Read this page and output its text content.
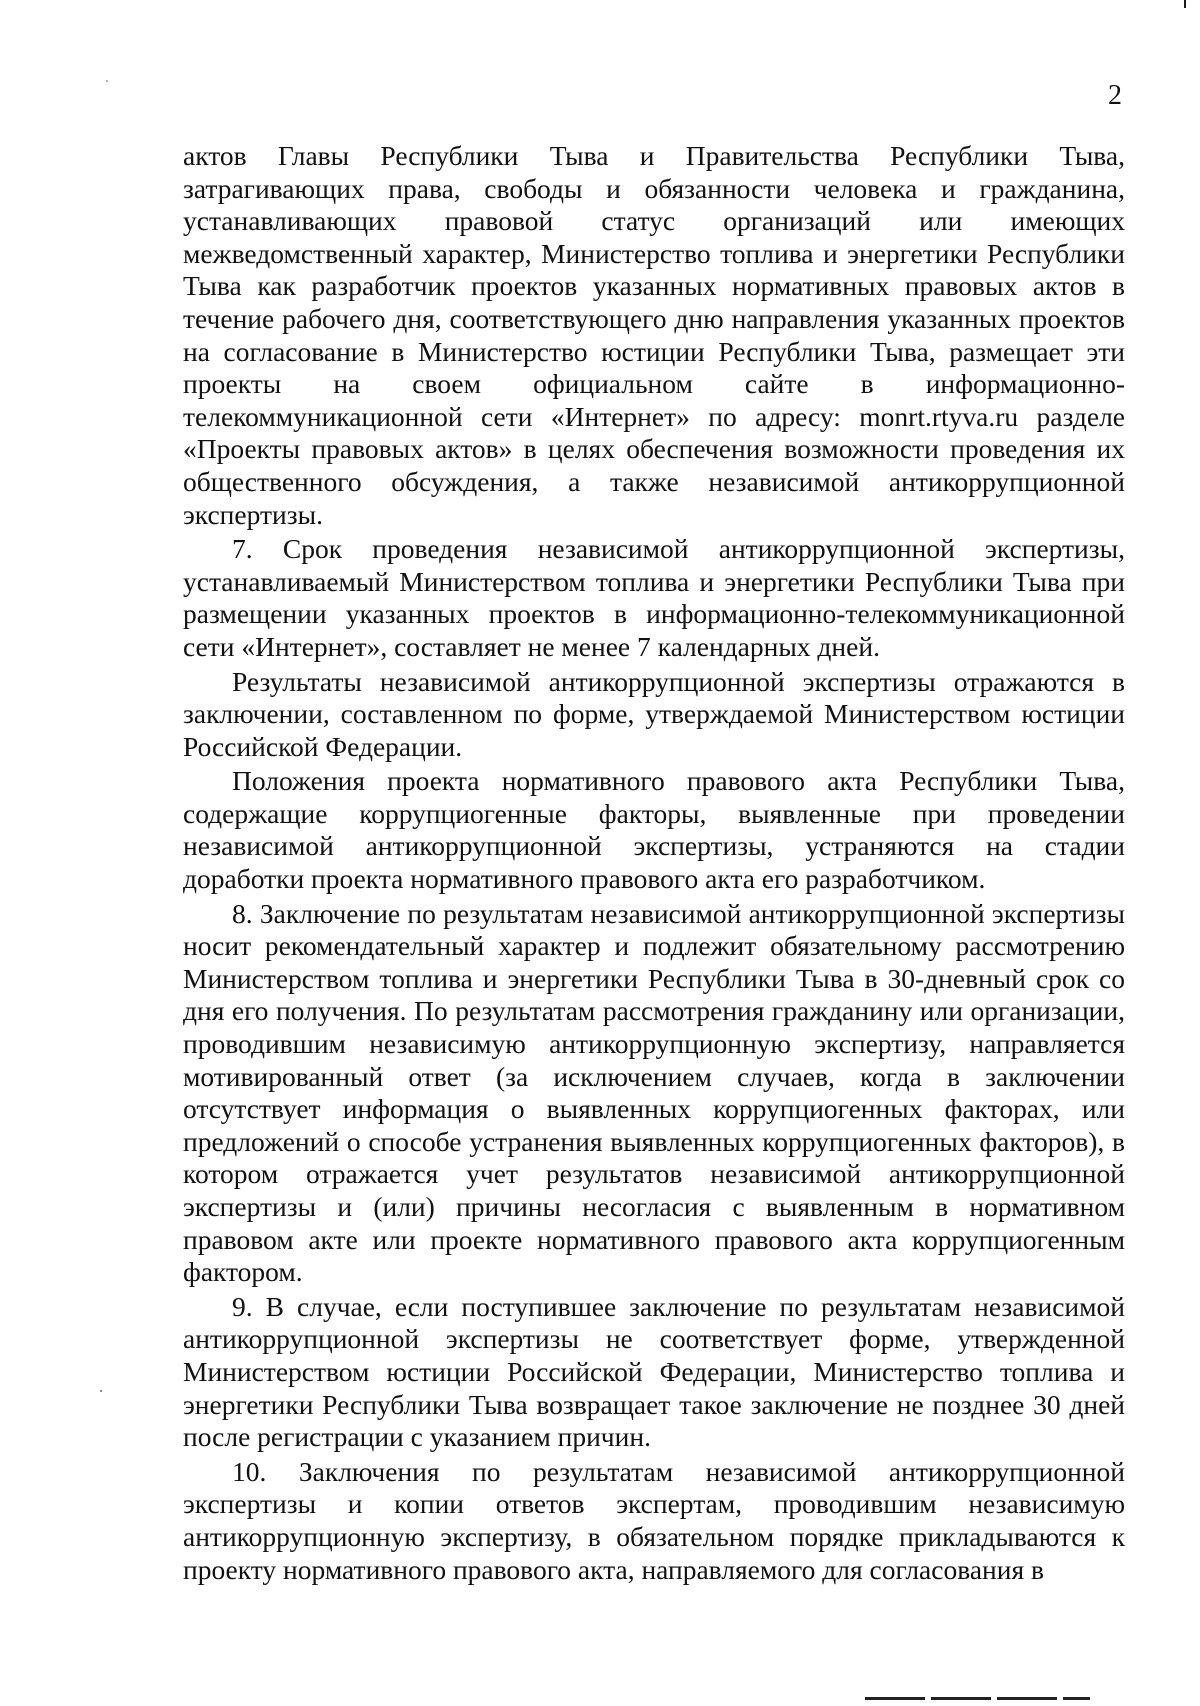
2

актов Главы Республики Тыва и Правительства Республики Тыва, затрагивающих права, свободы и обязанности человека и гражданина, устанавливающих правовой статус организаций или имеющих межведомственный характер, Министерство топлива и энергетики Республики Тыва как разработчик проектов указанных нормативных правовых актов в течение рабочего дня, соответствующего дню направления указанных проектов на согласование в Министерство юстиции Республики Тыва, размещает эти проекты на своем официальном сайте в информационно-телекоммуникационной сети «Интернет» по адресу: monrt.rtyva.ru разделе «Проекты правовых актов» в целях обеспечения возможности проведения их общественного обсуждения, а также независимой антикоррупционной экспертизы.

7. Срок проведения независимой антикоррупционной экспертизы, устанавливаемый Министерством топлива и энергетики Республики Тыва при размещении указанных проектов в информационно-телекоммуникационной сети «Интернет», составляет не менее 7 календарных дней.

Результаты независимой антикоррупционной экспертизы отражаются в заключении, составленном по форме, утверждаемой Министерством юстиции Российской Федерации.

Положения проекта нормативного правового акта Республики Тыва, содержащие коррупциогенные факторы, выявленные при проведении независимой антикоррупционной экспертизы, устраняются на стадии доработки проекта нормативного правового акта его разработчиком.

8. Заключение по результатам независимой антикоррупционной экспертизы носит рекомендательный характер и подлежит обязательному рассмотрению Министерством топлива и энергетики Республики Тыва в 30-дневный срок со дня его получения. По результатам рассмотрения гражданину или организации, проводившим независимую антикоррупционную экспертизу, направляется мотивированный ответ (за исключением случаев, когда в заключении отсутствует информация о выявленных коррупциогенных факторах, или предложений о способе устранения выявленных коррупциогенных факторов), в котором отражается учет результатов независимой антикоррупционной экспертизы и (или) причины несогласия с выявленным в нормативном правовом акте или проекте нормативного правового акта коррупциогенным фактором.

9. В случае, если поступившее заключение по результатам независимой антикоррупционной экспертизы не соответствует форме, утвержденной Министерством юстиции Российской Федерации, Министерство топлива и энергетики Республики Тыва возвращает такое заключение не позднее 30 дней после регистрации с указанием причин.

10. Заключения по результатам независимой антикоррупционной экспертизы и копии ответов экспертам, проводившим независимую антикоррупционную экспертизу, в обязательном порядке прикладываются к проекту нормативного правового акта, направляемого для согласования в
